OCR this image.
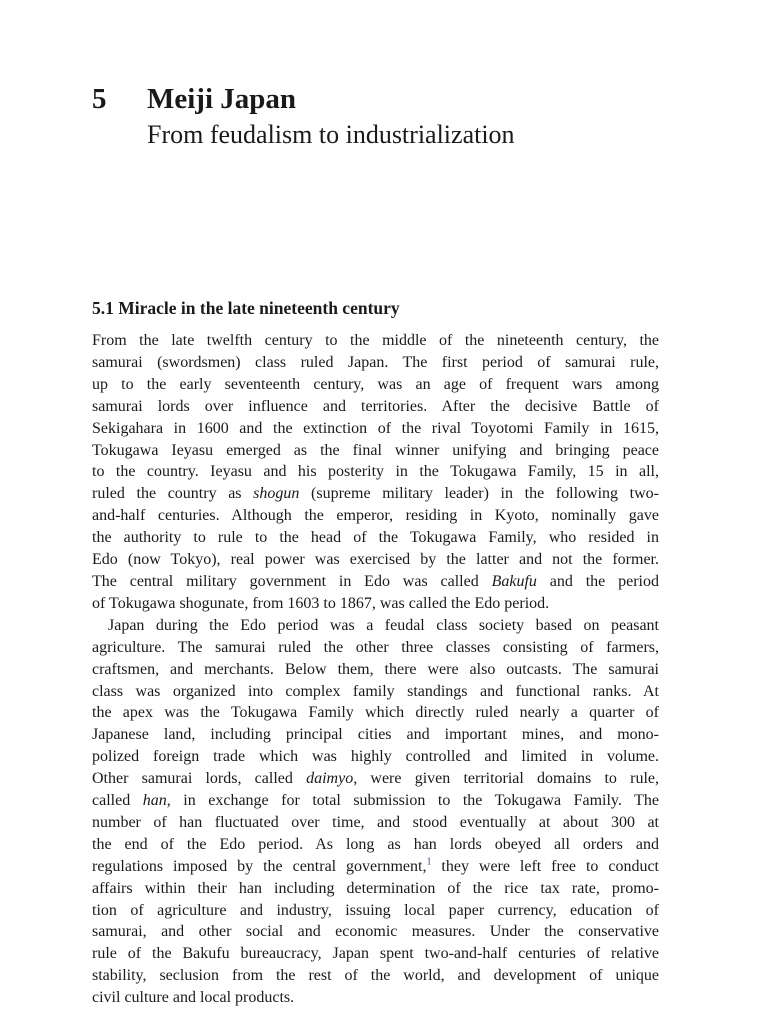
5 Meiji Japan
From feudalism to industrialization
5.1 Miracle in the late nineteenth century

From the late twelfth century to the middle of the nineteenth century, the
samurai (swordsmen) class ruled Japan. The first period of samurai rule,
up to the early seventeenth century, was an age of frequent wars among
samurai lords over influence and territories. After the decisive Battle of
Sekigahara in 1600 and the extinction of the rival Toyotomi Family in 1615,
Tokugawa Ieyasu emerged as the final winner unifying and bringing peace
to the country. Ieyasu and his posterity in the Tokugawa Family, 15 in all,
ruled the country as shogun (supreme military leader) in the following two-
and-half centuries. Although the emperor, residing in Kyoto, nominally gave
the authority to rule to the head of the Tokugawa Family, who resided in
Edo (now Tokyo), real power was exercised by the latter and not the former.
The central military government in Edo was called Bakufu and the period
of Tokugawa shogunate, from 1603 to 1867, was called the Edo period.

Japan during the Edo period was a feudal class society based on peasant
agriculture. The samurai ruled the other three classes consisting of farmers,
craftsmen, and merchants. Below them, there were also outcasts. The samurai
class was organized into complex family standings and functional ranks. At
the apex was the Tokugawa Family which directly ruled nearly a quarter of
Japanese land, including principal cities and important mines, and mono-
polized foreign trade which was highly controlled and limited in volume.
Other samurai lords, called daimyo, were given territorial domains to rule,
called han, in exchange for total submission to the Tokugawa Family. The
number of han fluctuated over time, and stood eventually at about 300 at
the end of the Edo period. As long as han lords obeyed all orders and
regulations imposed by the central government,$^1$ they were left free to conduct
affairs within their han including determination of the rice tax rate, promo-
tion of agriculture and industry, issuing local paper currency, education of
samurai, and other social and economic measures. Under the conservative
rule of the Bakufu bureaucracy, Japan spent two-and-half centuries of relative
stability, seclusion from the rest of the world, and development of unique
civil culture and local products.
